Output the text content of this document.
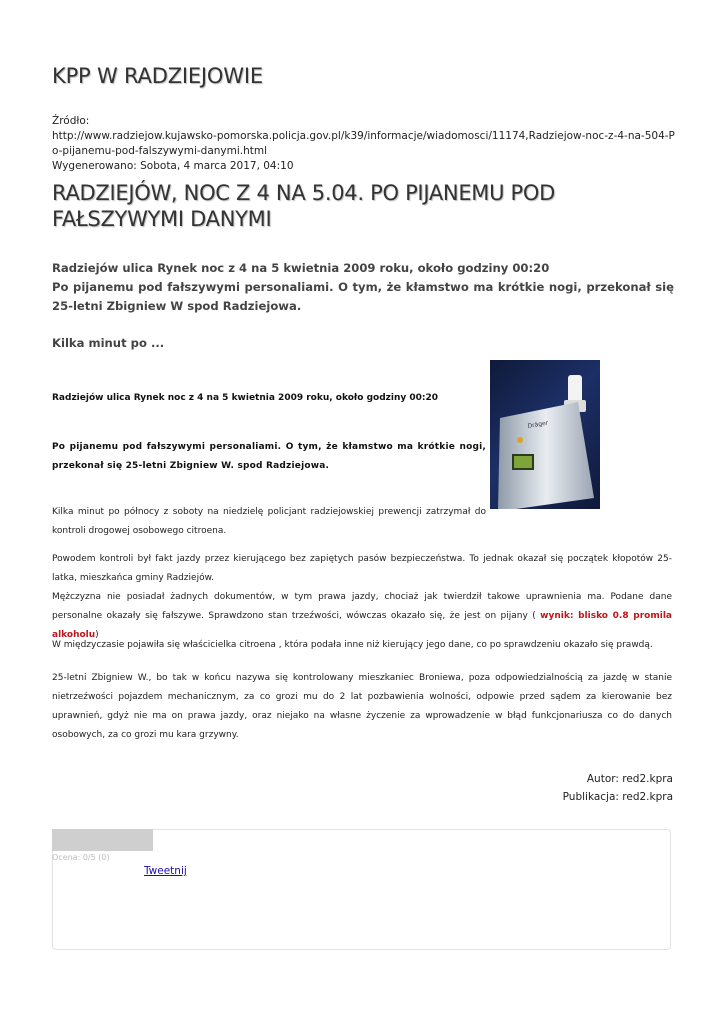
KPP W RADZIEJOWIE
Źródło:
http://www.radziejow.kujawsko-pomorska.policja.gov.pl/k39/informacje/wiadomosci/11174,Radziejow-noc-z-4-na-504-Po-pijanemu-pod-falszywymi-danymi.html
Wygenerowano: Sobota, 4 marca 2017, 04:10
RADZIEJÓW, NOC Z 4 NA 5.04. PO PIJANEMU POD FAŁSZYWYMI DANYMI
Radziejów ulica Rynek noc z 4 na 5 kwietnia 2009 roku, około godziny 00:20
Po pijanemu pod fałszywymi personaliami. O tym, że kłamstwo ma krótkie nogi, przekonał się 25-letni Zbigniew W spod Radziejowa.
Kilka minut po ...
Dräger
Radziejów ulica Rynek noc z 4 na 5 kwietnia 2009 roku, około godziny 00:20
Po pijanemu pod fałszywymi personaliami. O tym, że kłamstwo ma krótkie nogi, przekonał się 25-letni Zbigniew W. spod Radziejowa.

Kilka minut po północy z soboty na niedzielę policjant radziejowskiej prewencji zatrzymał do kontroli drogowej osobowego citroena.

Powodem kontroli był fakt jazdy przez kierującego bez zapiętych pasów bezpieczeństwa. To jednak okazał się początek kłopotów 25- latka, mieszkańca gminy Radziejów.
Mężczyzna nie posiadał żadnych dokumentów, w tym prawa jazdy, chociaż jak twierdził takowe uprawnienia ma. Podane dane personalne okazały się fałszywe. Sprawdzono stan trzeźwości, wówczas okazało się, że jest on pijany ( wynik: blisko 0.8 promila alkoholu)

W międzyczasie pojawiła się właścicielka citroena , która podała inne niż kierujący jego dane, co po sprawdzeniu okazało się prawdą.

25-letni Zbigniew W., bo tak w końcu nazywa się kontrolowany mieszkaniec Broniewa, poza odpowiedzialnością za jazdę w stanie nietrzeźwości pojazdem mechanicznym, za co grozi mu do 2 lat pozbawienia wolności, odpowie przed sądem za kierowanie bez uprawnień, gdyż nie ma on prawa jazdy, oraz niejako na własne życzenie za wprowadzenie w błąd funkcjonariusza co do danych osobowych, za co grozi mu kara grzywny.

Autor: red2.kpra
Publikacja: red2.kpra
Ocena: 0/5 (0)
Tweetnij
